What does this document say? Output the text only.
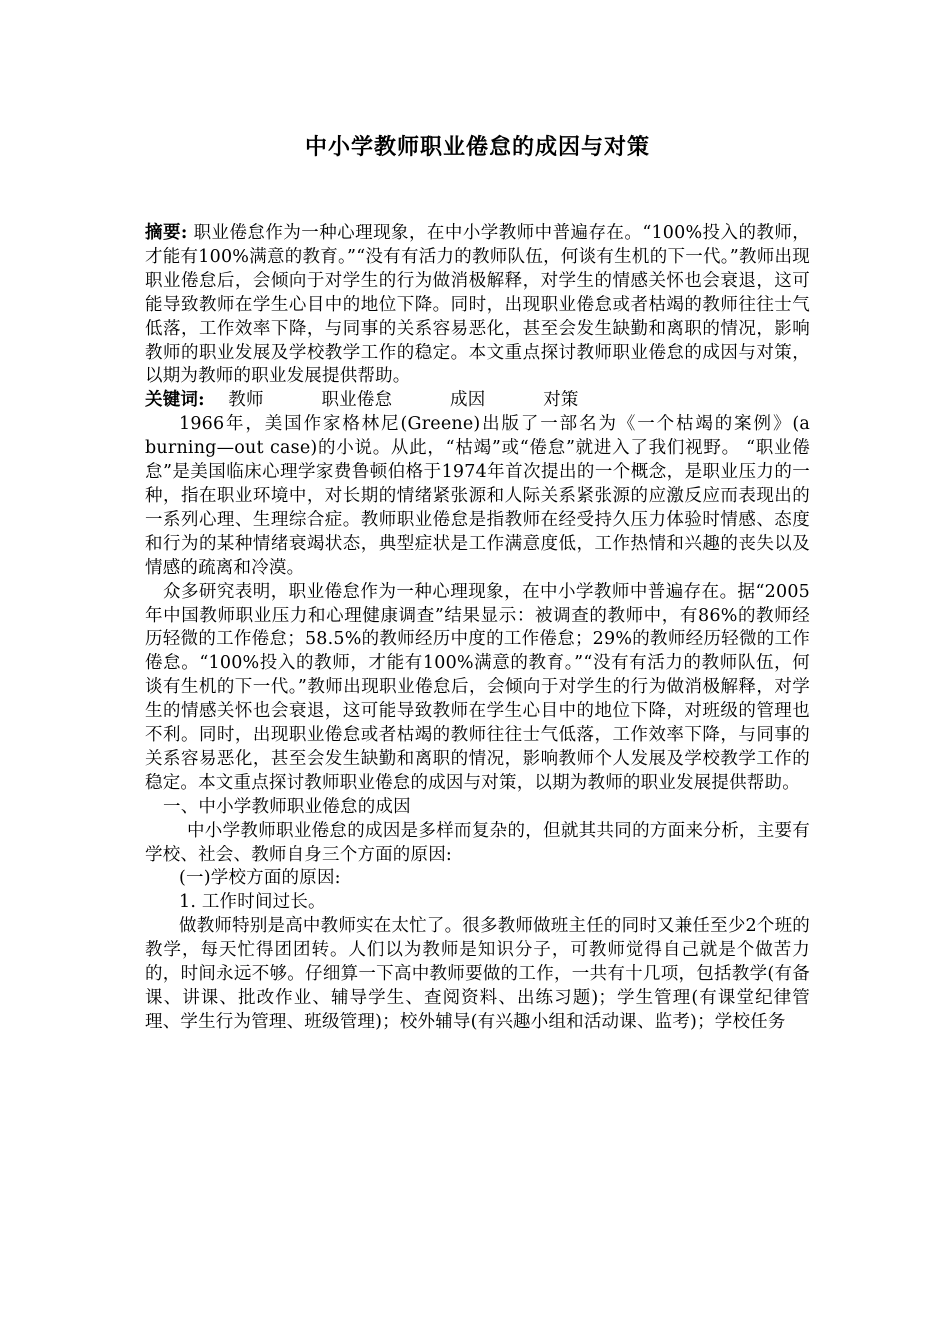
中小学教师职业倦怠的成因与对策

摘要: 职业倦怠作为一种心理现象，在中小学教师中普遍存在。“100%投入的教师，才能有100%满意的教育。”“没有有活力的教师队伍，何谈有生机的下一代。”教师出现职业倦怠后，会倾向于对学生的行为做消极解释，对学生的情感关怀也会衰退，这可能导致教师在学生心目中的地位下降。同时，出现职业倦怠或者枯竭的教师往往士气低落，工作效率下降，与同事的关系容易恶化，甚至会发生缺勤和离职的情况，影响教师的职业发展及学校教学工作的稳定。本文重点探讨教师职业倦怠的成因与对策，以期为教师的职业发展提供帮助。

关键词: 教师	职业倦怠	成因	对策

1966年，美国作家格林尼(Greene)出版了一部名为《一个枯竭的案例》(a burning—out case)的小说。从此，“枯竭”或“倦怠”就进入了我们视野。 “职业倦怠”是美国临床心理学家费鲁顿伯格于1974年首次提出的一个概念，是职业压力的一种，指在职业环境中，对长期的情绪紧张源和人际关系紧张源的应激反应而表现出的一系列心理、生理综合症。教师职业倦怠是指教师在经受持久压力体验时情感、态度和行为的某种情绪衰竭状态，典型症状是工作满意度低，工作热情和兴趣的丧失以及情感的疏离和冷漠。

众多研究表明，职业倦怠作为一种心理现象，在中小学教师中普遍存在。据“2005年中国教师职业压力和心理健康调查”结果显示：被调查的教师中，有86%的教师经历轻微的工作倦怠；58.5%的教师经历中度的工作倦怠；29%的教师经历轻微的工作倦怠。“100%投入的教师，才能有100%满意的教育。”“没有有活力的教师队伍，何谈有生机的下一代。”教师出现职业倦怠后，会倾向于对学生的行为做消极解释，对学生的情感关怀也会衰退，这可能导致教师在学生心目中的地位下降，对班级的管理也不利。同时，出现职业倦怠或者枯竭的教师往往士气低落，工作效率下降，与同事的关系容易恶化，甚至会发生缺勤和离职的情况，影响教师个人发展及学校教学工作的稳定。本文重点探讨教师职业倦怠的成因与对策，以期为教师的职业发展提供帮助。

一、中小学教师职业倦怠的成因

中小学教师职业倦怠的成因是多样而复杂的，但就其共同的方面来分析，主要有学校、社会、教师自身三个方面的原因:

(一)学校方面的原因:

1. 工作时间过长。

做教师特别是高中教师实在太忙了。很多教师做班主任的同时又兼任至少2个班的教学，每天忙得团团转。人们以为教师是知识分子，可教师觉得自己就是个做苦力的，时间永远不够。仔细算一下高中教师要做的工作，一共有十几项，包括教学(有备课、讲课、批改作业、辅导学生、查阅资料、出练习题)；学生管理(有课堂纪律管理、学生行为管理、班级管理)；校外辅导(有兴趣小组和活动课、监考)；学校任务
